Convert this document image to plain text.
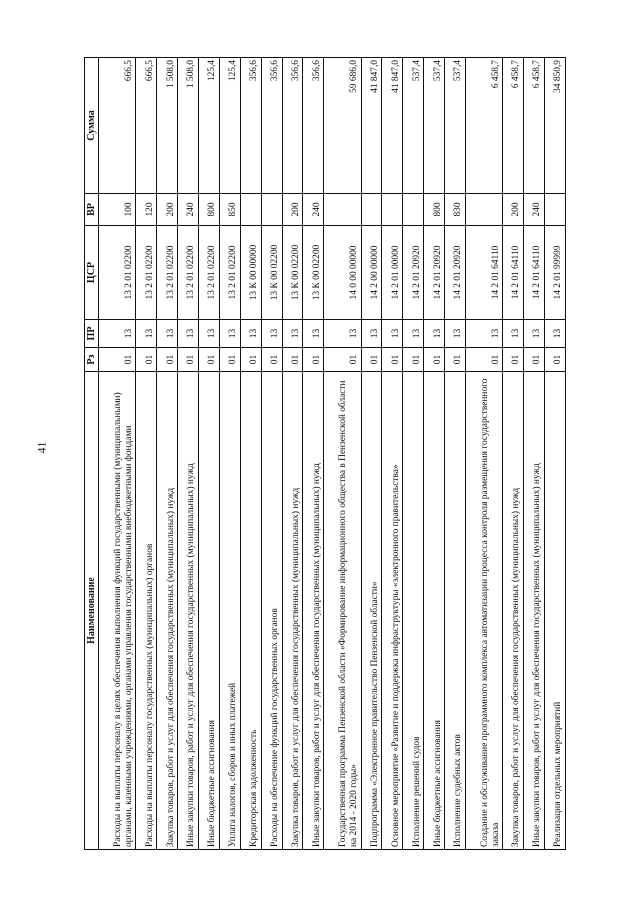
41
Наименование	Рз	ПР	ЦСР	ВР	Сумма
Расходы на выплаты персоналу в целях обеспечения выполнения функций государственными (муниципальными) органами, казенными учреждениями, органами управления государственными внебюджетными фондами	01	13	13 2 01 02200	100	666,5
Расходы на выплаты персоналу государственных (муниципальных) органов	01	13	13 2 01 02200	120	666,5
Закупка товаров, работ и услуг для обеспечения государственных (муниципальных) нужд	01	13	13 2 01 02200	200	1 508,0
Иные закупки товаров, работ и услуг для обеспечения государственных (муниципальных) нужд	01	13	13 2 01 02200	240	1 508,0
Иные бюджетные ассигнования	01	13	13 2 01 02200	800	125,4
Уплата налогов, сборов и иных платежей	01	13	13 2 01 02200	850	125,4
Кредиторская задолженность	01	13	13 К 00 00000		356,6
Расходы на обеспечение функций государственных органов	01	13	13 К 00 02200		356,6
Закупка товаров, работ и услуг для обеспечения государственных (муниципальных) нужд	01	13	13 К 00 02200	200	356,6
Иные закупки товаров, работ и услуг для обеспечения государственных (муниципальных) нужд	01	13	13 К 00 02200	240	356,6
Государственная программа Пензенской области «Формирование информационного общества в Пензенской области на 2014 - 2020 годы»	01	13	14 0 00 00000		59 686,0
Подпрограмма «Электронное правительство Пензенской области»	01	13	14 2 00 00000		41 847,0
Основное мероприятие «Развитие и поддержка инфраструктуры «электронного правительства»	01	13	14 2 01 00000		41 847,0
Исполнение решений судов	01	13	14 2 01 20920		537,4
Иные бюджетные ассигнования	01	13	14 2 01 20920	800	537,4
Исполнение судебных актов	01	13	14 2 01 20920	830	537,4
Создание и обслуживание программного комплекса автоматизации процесса контроля размещения государственного заказа	01	13	14 2 01 64110		6 458,7
Закупка товаров, работ и услуг для обеспечения государственных (муниципальных) нужд	01	13	14 2 01 64110	200	6 458,7
Иные закупки товаров, работ и услуг для обеспечения государственных (муниципальных) нужд	01	13	14 2 01 64110	240	6 458,7
Реализация отдельных мероприятий	01	13	14 2 01 99999		34 850,9
